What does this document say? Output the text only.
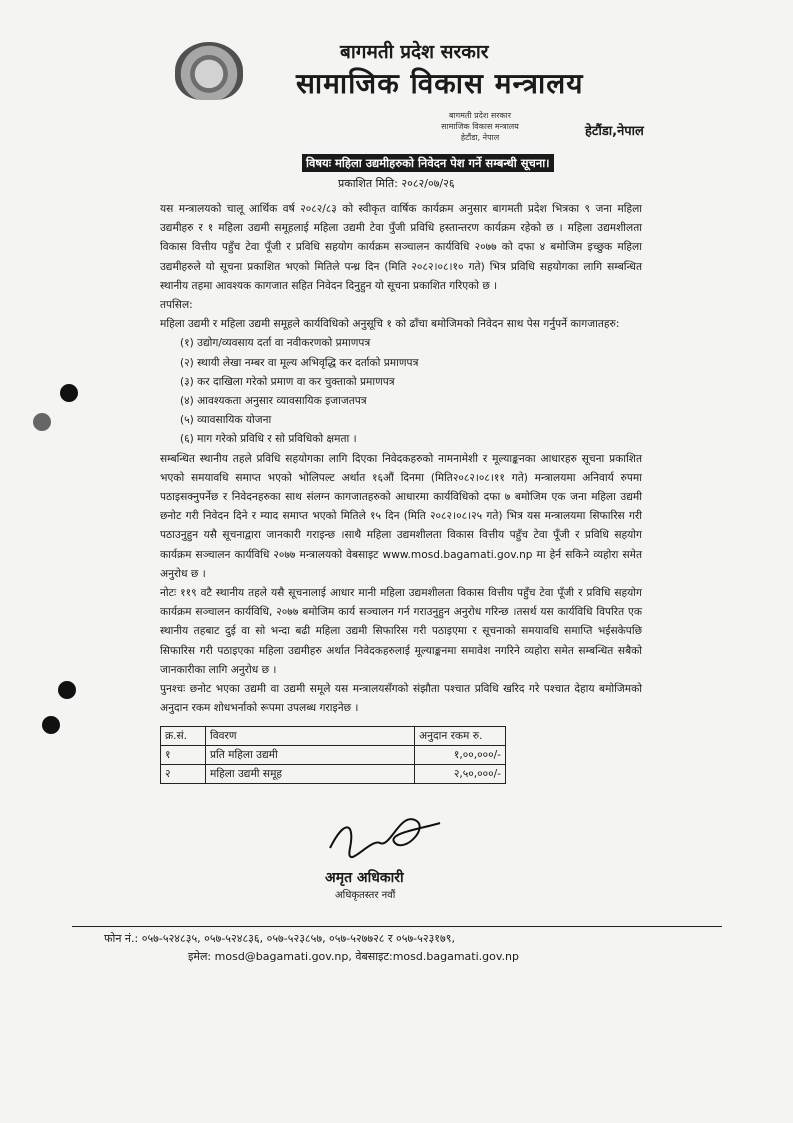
बागमती प्रदेश सरकार
सामाजिक विकास मन्त्रालय
हेटौंडा,नेपाल
बागमती प्रदेश सरकार
सामाजिक विकास मन्त्रालय
हेटौंडा, नेपाल
विषयः महिला उद्यमीहरुको निवेदन पेश गर्ने सम्बन्धी सूचना।
प्रकाशित मिति: २०८२/०७/२६

यस मन्त्रालयको चालू आर्थिक वर्ष २०८२/८३ को स्वीकृत वार्षिक कार्यक्रम अनुसार बागमती प्रदेश भित्रका ९ जना महिला उद्यमीहरु र १ महिला उद्यमी समूहलाई महिला उद्यमी टेवा पुँजी प्रविधि हस्तान्तरण कार्यक्रम रहेको छ । महिला उद्यमशीलता विकास वित्तीय पहुँच टेवा पूँजी र प्रविधि सहयोग कार्यक्रम सञ्चालन कार्यविधि २०७७ को दफा ४ बमोजिम इच्छुक महिला उद्यमीहरुले यो सूचना प्रकाशित भएको मितिले पन्ध्र दिन (मिति २०८२।०८।१० गते) भित्र प्रविधि सहयोगका लागि सम्बन्धित स्थानीय तहमा आवश्यक कागजात सहित निवेदन दिनुहुन यो सूचना प्रकाशित गरिएको छ ।

तपसिल:

महिला उद्यमी र महिला उद्यमी समूहले कार्यविधिको अनुसूचि १ को ढाँचा बमोजिमको निवेदन साथ पेस गर्नुपर्ने कागजातहरु:

(१) उद्योग/व्यवसाय दर्ता वा नवीकरणको प्रमाणपत्र
(२) स्थायी लेखा नम्बर वा मूल्य अभिवृद्धि कर दर्ताको प्रमाणपत्र
(३) कर दाखिला गरेको प्रमाण वा कर चुक्ताको प्रमाणपत्र
(४) आवश्यकता अनुसार व्यावसायिक इजाजतपत्र
(५) व्यावसायिक योजना
(६) माग गरेको प्रविधि र सो प्रविधिको क्षमता ।

सम्बन्धित स्थानीय तहले प्रविधि सहयोगका लागि दिएका निवेदकहरुको नामनामेशी र मूल्याङ्कनका आधारहरु सूचना प्रकाशित भएको समयावधि समाप्त भएको भोलिपल्ट अर्थात १६औं दिनमा (मिति२०८२।०८।११ गते) मन्त्रालयमा अनिवार्य रुपमा पठाइसक्नुपर्नेछ र निवेदनहरुका साथ संलग्न कागजातहरुको आधारमा कार्यविधिको दफा ७ बमोजिम एक जना महिला उद्यमी छनोट गरी निवेदन दिने र म्याद समाप्त भएको मितिले १५ दिन (मिति २०८२।०८।२५ गते) भित्र यस मन्त्रालयमा सिफारिस गरी पठाउनुहुन यसै सूचनाद्वारा जानकारी गराइन्छ ।साथै महिला उद्यमशीलता विकास वित्तीय पहुँच टेवा पूँजी र प्रविधि सहयोग कार्यक्रम सञ्चालन कार्यविधि २०७७ मन्त्रालयको वेबसाइट www.mosd.bagamati.gov.np मा हेर्न सकिने व्यहोरा समेत अनुरोध छ ।

नोटः ११९ वटै स्थानीय तहले यसै सूचनालाई आधार मानी महिला उद्यमशीलता विकास वित्तीय पहुँच टेवा पूँजी र प्रविधि सहयोग कार्यक्रम सञ्चालन कार्यविधि, २०७७ बमोजिम कार्य सञ्चालन गर्न गराउनुहुन अनुरोध गरिन्छ ।तसर्थ यस कार्यविधि विपरित एक स्थानीय तहबाट दुई वा सो भन्दा बढी महिला उद्यमी सिफारिस गरी पठाइएमा र सूचनाको समयावधि समाप्ति भईसकेपछि सिफारिस गरी पठाइएका महिला उद्यमीहरु अर्थात निवेदकहरुलाई मूल्याङ्कनमा समावेश नगरिने व्यहोरा समेत सम्बन्धित सबैको जानकारीका लागि अनुरोध छ ।

पुनश्चः छनोट भएका उद्यमी वा उद्यमी समूले यस मन्त्रालयसँगको संझौता पश्चात प्रविधि खरिद गरे पश्चात देहाय बमोजिमको अनुदान रकम शोधभर्नाको रूपमा उपलब्ध गराइनेछ ।

क्र.सं.	विवरण	अनुदान रकम रु.
१	प्रति महिला उद्यमी	१,००,०००/-
२	महिला उद्यमी समूह	२,५०,०००/-
अमृत अधिकारी
अधिकृतस्तर नवौं
फोन नं.: ०५७-५२४८३५, ०५७-५२४८३६, ०५७-५२३८५७, ०५७-५२७७२८ र ०५७-५२३१७९,
इमेल: mosd@bagamati.gov.np, वेबसाइट:mosd.bagamati.gov.np
